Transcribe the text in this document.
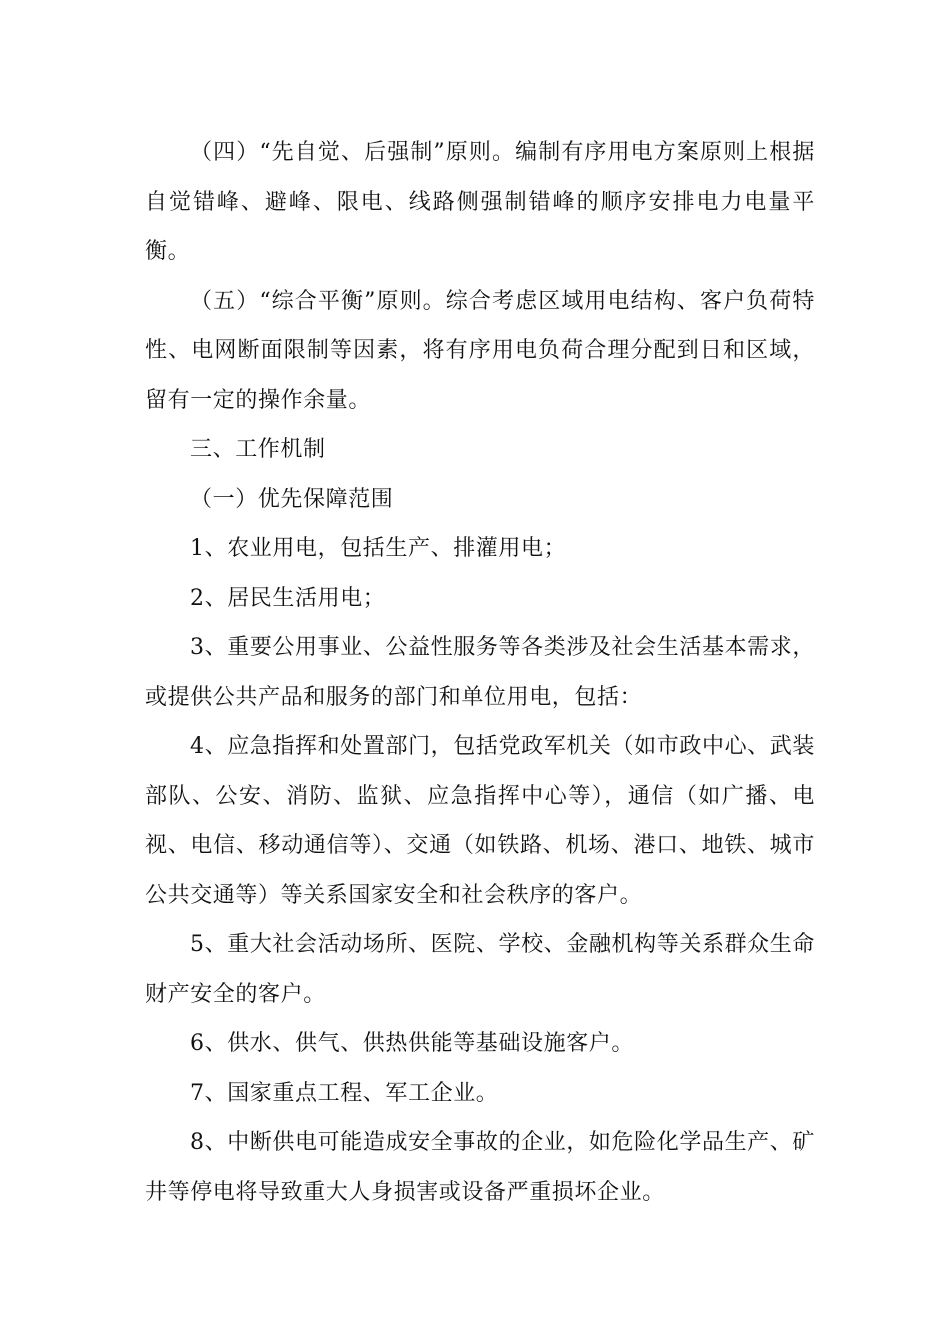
（四）“先自觉、后强制”原则。编制有序用电方案原则上根据自觉错峰、避峰、限电、线路侧强制错峰的顺序安排电力电量平衡。

（五）“综合平衡”原则。综合考虑区域用电结构、客户负荷特性、电网断面限制等因素，将有序用电负荷合理分配到日和区域，留有一定的操作余量。

三、工作机制

（一）优先保障范围

1、农业用电，包括生产、排灌用电；

2、居民生活用电；

3、重要公用事业、公益性服务等各类涉及社会生活基本需求，或提供公共产品和服务的部门和单位用电，包括：

4、应急指挥和处置部门，包括党政军机关（如市政中心、武装部队、公安、消防、监狱、应急指挥中心等），通信（如广播、电视、电信、移动通信等）、交通（如铁路、机场、港口、地铁、城市公共交通等）等关系国家安全和社会秩序的客户。

5、重大社会活动场所、医院、学校、金融机构等关系群众生命财产安全的客户。

6、供水、供气、供热供能等基础设施客户。

7、国家重点工程、军工企业。

8、中断供电可能造成安全事故的企业，如危险化学品生产、矿井等停电将导致重大人身损害或设备严重损坏企业。
